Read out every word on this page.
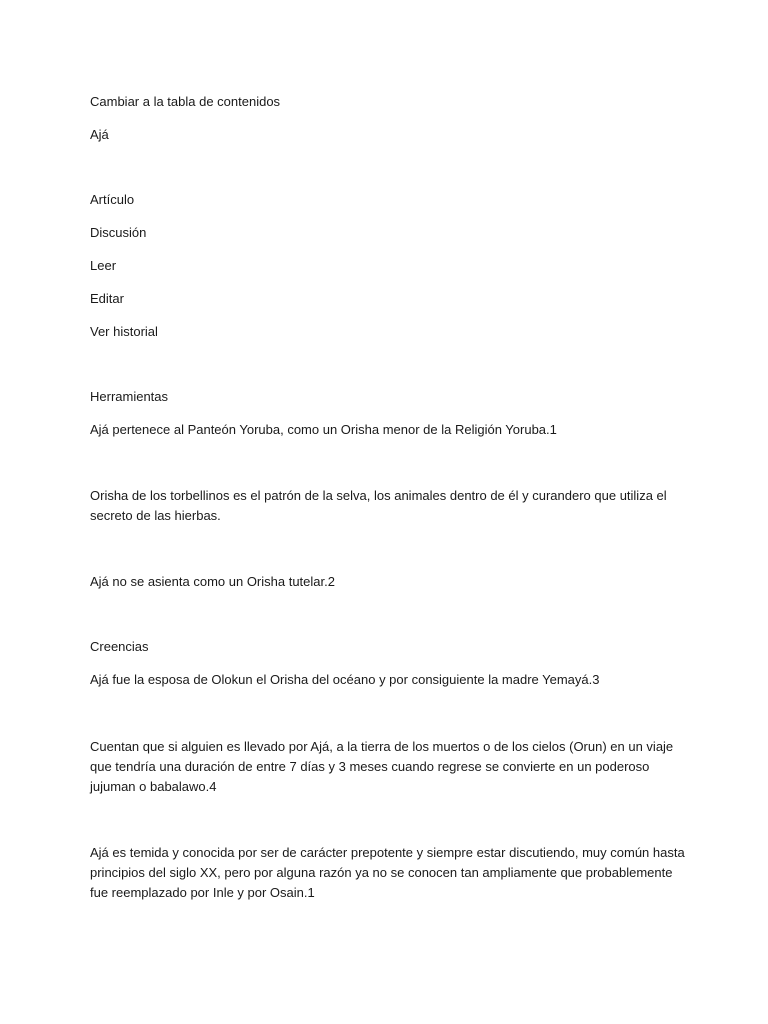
Cambiar a la tabla de contenidos
Ajá
Artículo
Discusión
Leer
Editar
Ver historial
Herramientas
Ajá pertenece al Panteón Yoruba, como un Orisha menor de la Religión Yoruba.1
Orisha de los torbellinos es el patrón de la selva, los animales dentro de él y curandero que utiliza el secreto de las hierbas.
Ajá no se asienta como un Orisha tutelar.2
Creencias
Ajá fue la esposa de Olokun el Orisha del océano y por consiguiente la madre Yemayá.3
Cuentan que si alguien es llevado por Ajá, a la tierra de los muertos o de los cielos (Orun) en un viaje que tendría una duración de entre 7 días y 3 meses cuando regrese se convierte en un poderoso jujuman o babalawo.4
Ajá es temida y conocida por ser de carácter prepotente y siempre estar discutiendo, muy común hasta principios del siglo XX, pero por alguna razón ya no se conocen tan ampliamente que probablemente fue reemplazado por Inle y por Osain.1
